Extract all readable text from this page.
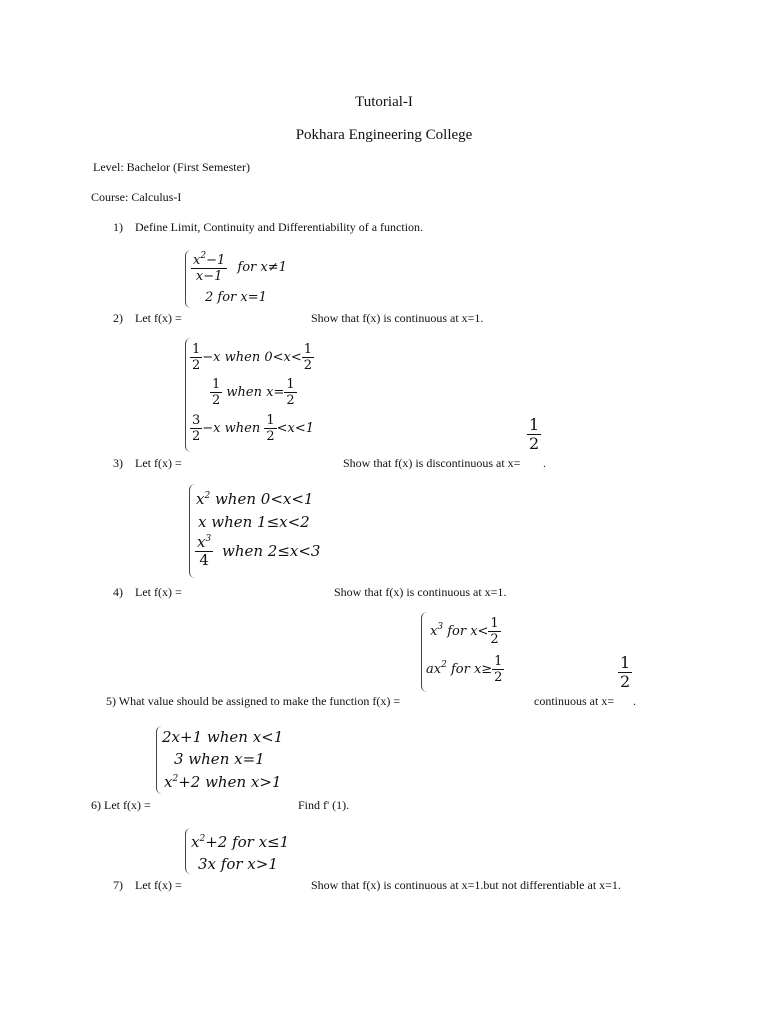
Tutorial-I
Pokhara Engineering College
Level: Bachelor (First Semester)
Course: Calculus-I
1) Define Limit, Continuity and Differentiability of a function.
$\frac{x^2-1}{x-1}$ for x≠1
2 for x=1
2) Let f(x) =	Show that f(x) is continuous at x=1.
$\frac{1}{2} -x$ when $0<x< \frac{1}{2}$
$\frac{1}{2}$ when $x= \frac{1}{2}$
$\frac{3}{2} -x$ when $\frac{1}{2} <x<1$	1
2
3) Let f(x) =	Show that f(x) is discontinuous at x= .
$x^2$ when 0<x<1
x when 1≤x<2
$\frac{x^3}{4}$ when 2≤x<3
4) Let f(x) =	Show that f(x) is continuous at x=1.
$x^3$ for $x< \frac{1}{2}$
$ax^2$ for $x\ge \frac{1}{2}$	1
2
5) What value should be assigned to make the function f(x) =	continuous at x= .
2x+1 when x<1
3 when x=1
$x^2+2$ when x>1
6) Let f(x) =	Find f' (1).
$x^2+2$ for x≤1
3x for x>1
7) Let f(x) =	Show that f(x) is continuous at x=1.but not differentiable at x=1.
